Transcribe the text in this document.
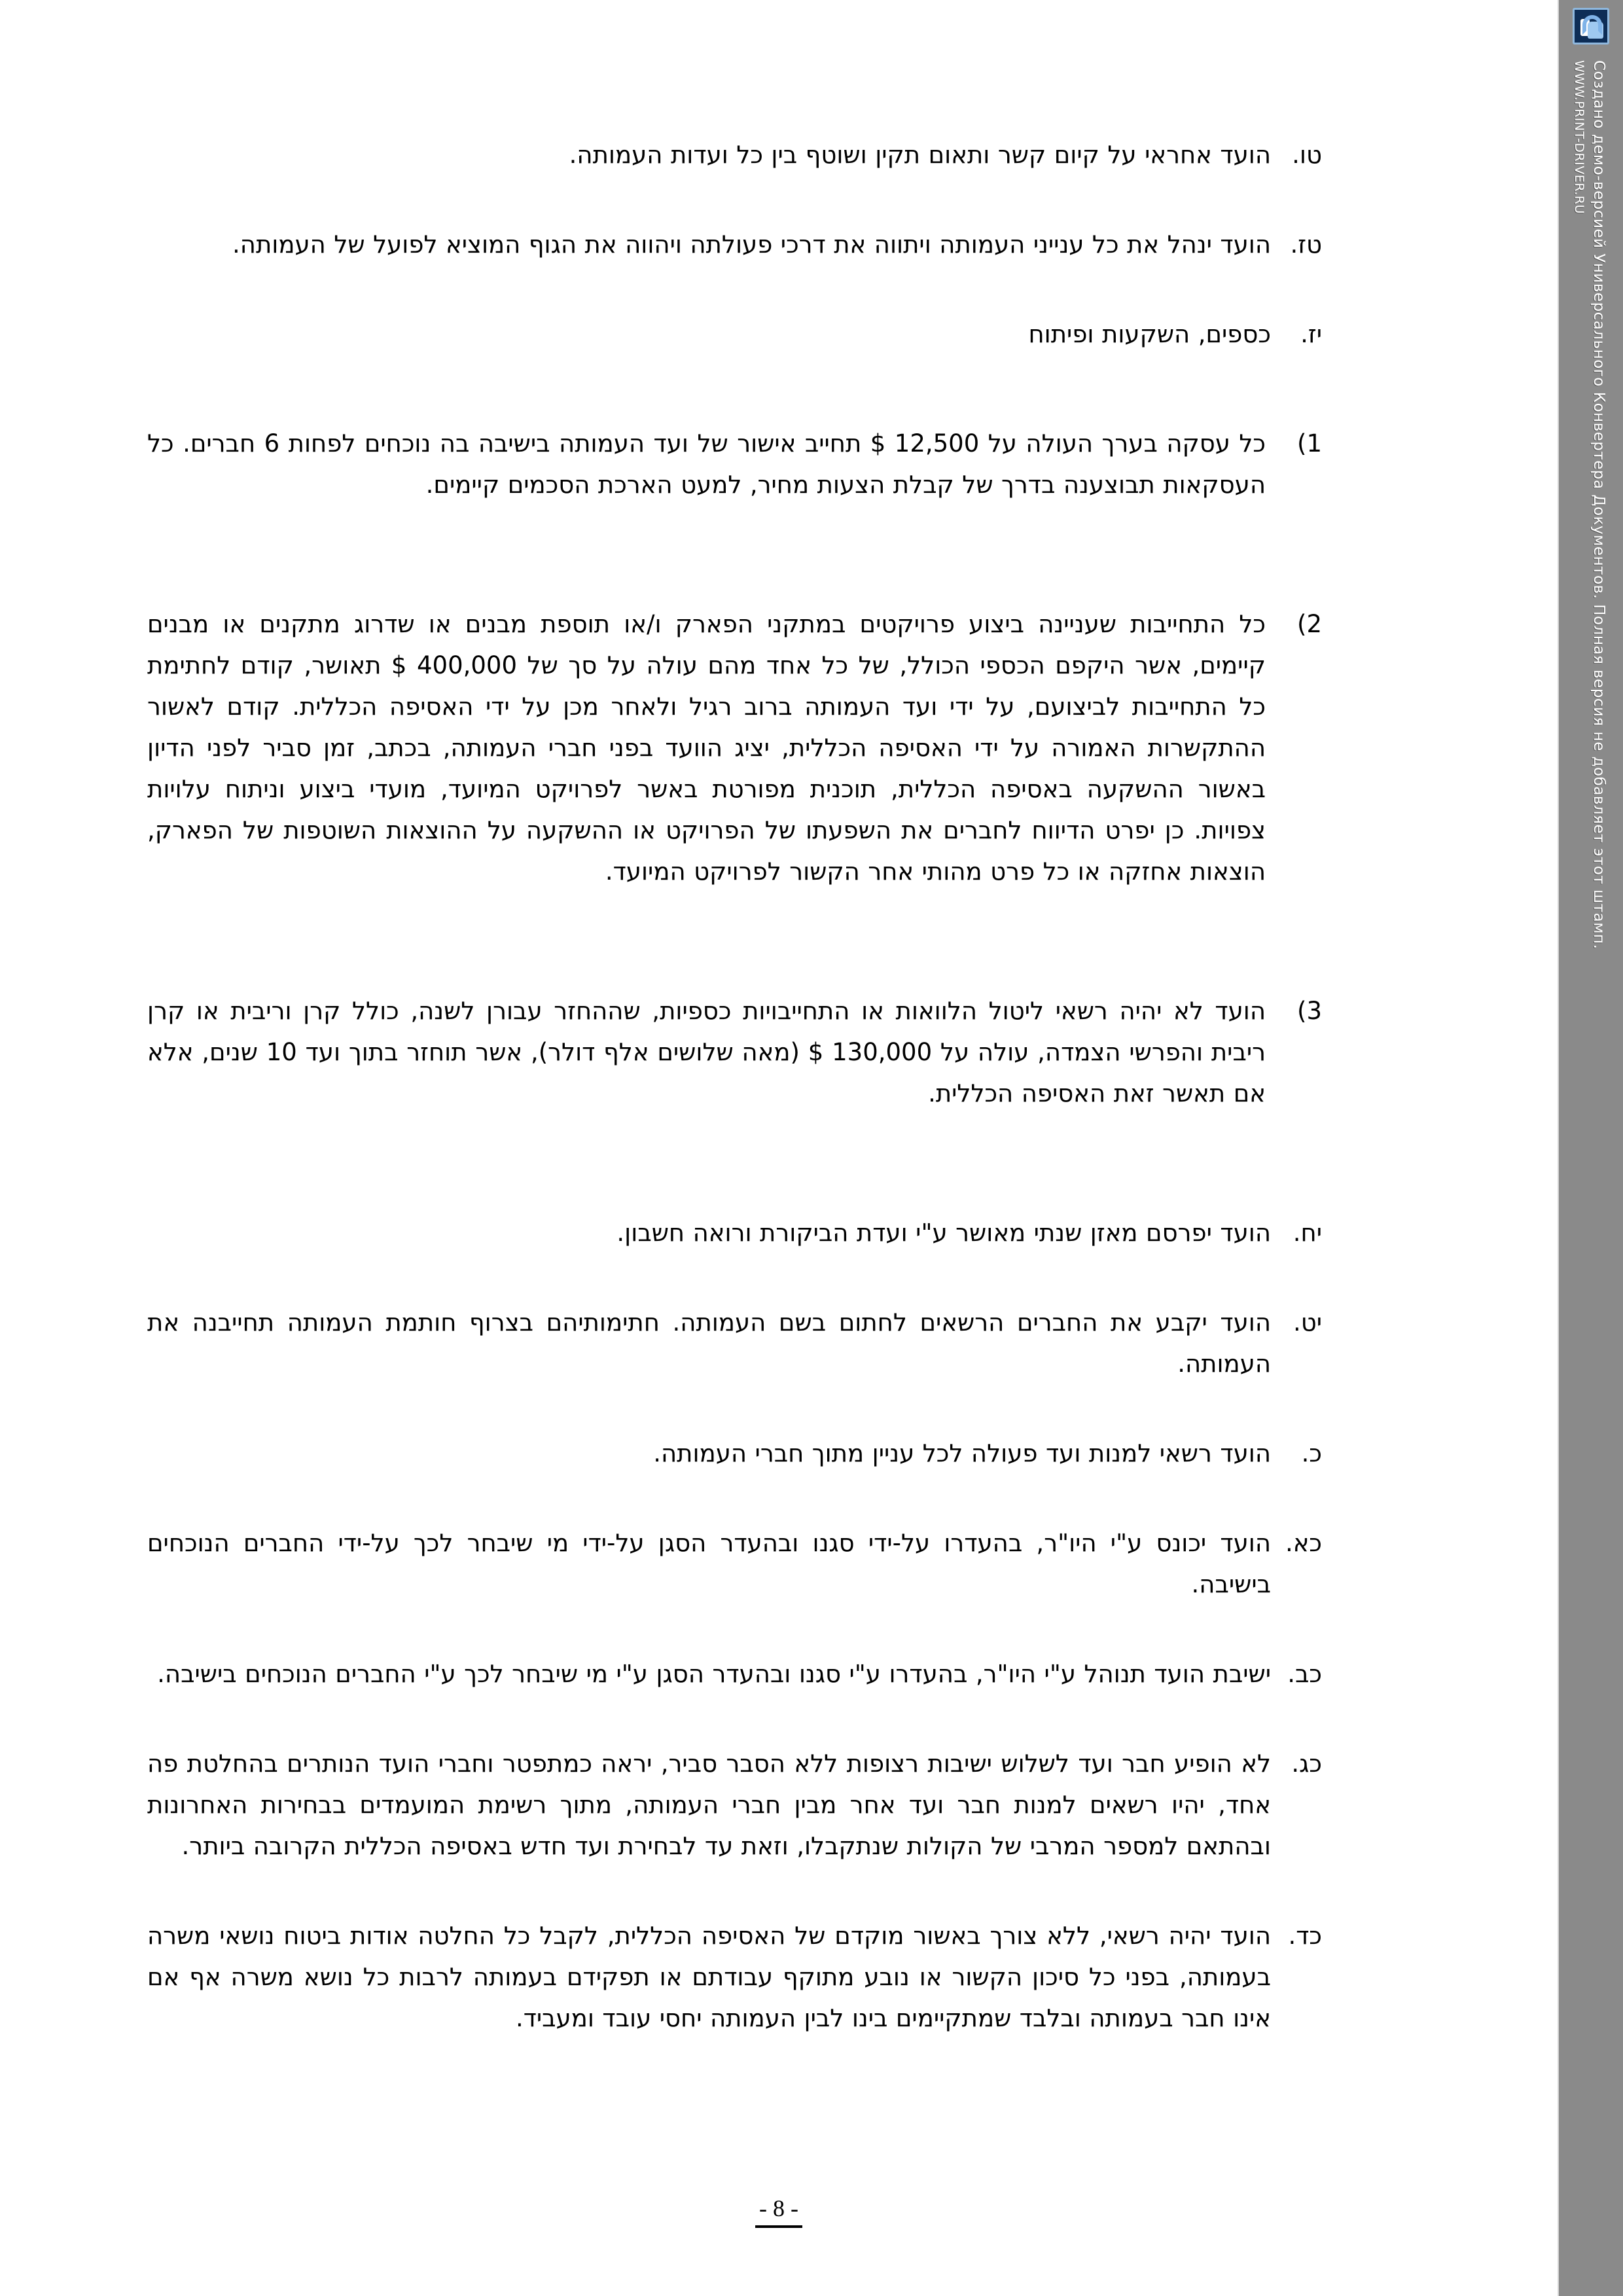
טו.
הועד אחראי על קיום קשר ותאום תקין ושוטף בין כל ועדות העמותה.
טז.
הועד ינהל את כל ענייני העמותה ויתווה את דרכי פעולתה ויהווה את הגוף המוציא לפועל של העמותה.
יז.
כספים, השקעות ופיתוח
1)
כל עסקה בערך העולה על 12,500 $ תחייב אישור של ועד העמותה בישיבה בה נוכחים לפחות 6 חברים. כל העסקאות תבוצענה בדרך של קבלת הצעות מחיר, למעט הארכת הסכמים קיימים.
2)
כל התחייבות שעניינה ביצוע פרויקטים במתקני הפארק ו/או תוספת מבנים או שדרוג מתקנים או מבנים קיימים, אשר היקפם הכספי הכולל, של כל אחד מהם עולה על סך של 400,000 $ תאושר, קודם לחתימת כל התחייבות לביצועם, על ידי ועד העמותה ברוב רגיל ולאחר מכן על ידי האסיפה הכללית. קודם לאשור ההתקשרות האמורה על ידי האסיפה הכללית, יציג הוועד בפני חברי העמותה, בכתב, זמן סביר לפני הדיון באשור ההשקעה באסיפה הכללית, תוכנית מפורטת באשר לפרויקט המיועד, מועדי ביצוע וניתוח עלויות צפויות. כן יפרט הדיווח לחברים את השפעתו של הפרויקט או ההשקעה על ההוצאות השוטפות של הפארק, הוצאות אחזקה או כל פרט מהותי אחר הקשור לפרויקט המיועד.
3)
הועד לא יהיה רשאי ליטול הלוואות או התחייבויות כספיות, שההחזר עבורן לשנה, כולל קרן וריבית או קרן ריבית והפרשי הצמדה, עולה על 130,000 $ (מאה שלושים אלף דולר), אשר תוחזר בתוך ועד 10 שנים, אלא אם תאשר זאת האסיפה הכללית.
יח.
הועד יפרסם מאזן שנתי מאושר ע"י ועדת הביקורת ורואה חשבון.
יט.
הועד יקבע את החברים הרשאים לחתום בשם העמותה. חתימותיהם בצרוף חותמת העמותה תחייבנה את העמותה.
כ.
הועד רשאי למנות ועד פעולה לכל עניין מתוך חברי העמותה.
כא.
הועד יכונס ע"י היו"ר, בהעדרו על-ידי סגנו ובהעדר הסגן על-ידי מי שיבחר לכך על-ידי החברים הנוכחים בישיבה.
כב.
ישיבת הועד תנוהל ע"י היו"ר, בהעדרו ע"י סגנו ובהעדר הסגן ע"י מי שיבחר לכך ע"י החברים הנוכחים בישיבה.
כג.
לא הופיע חבר ועד לשלוש ישיבות רצופות ללא הסבר סביר, יראה כמתפטר וחברי הועד הנותרים בהחלטת פה אחד, יהיו רשאים למנות חבר ועד אחר מבין חברי העמותה, מתוך רשימת המועמדים בבחירות האחרונות ובהתאם למספר המרבי של הקולות שנתקבלו, וזאת עד לבחירת ועד חדש באסיפה הכללית הקרובה ביותר.
כד.
הועד יהיה רשאי, ללא צורך באשור מוקדם של האסיפה הכללית, לקבל כל החלטה אודות ביטוח נושאי משרה בעמותה, בפני כל סיכון הקשור או נובע מתוקף עבודתם או תפקידם בעמותה לרבות כל נושא משרה אף אם אינו חבר בעמותה ובלבד שמתקיימים בינו לבין העמותה יחסי עובד ומעביד.
- 8 -
Создано демо-версией Универсального Конвертера Документов. Полная версия не добавляет этот штамп.
WWW.PRINT-DRIVER.RU
